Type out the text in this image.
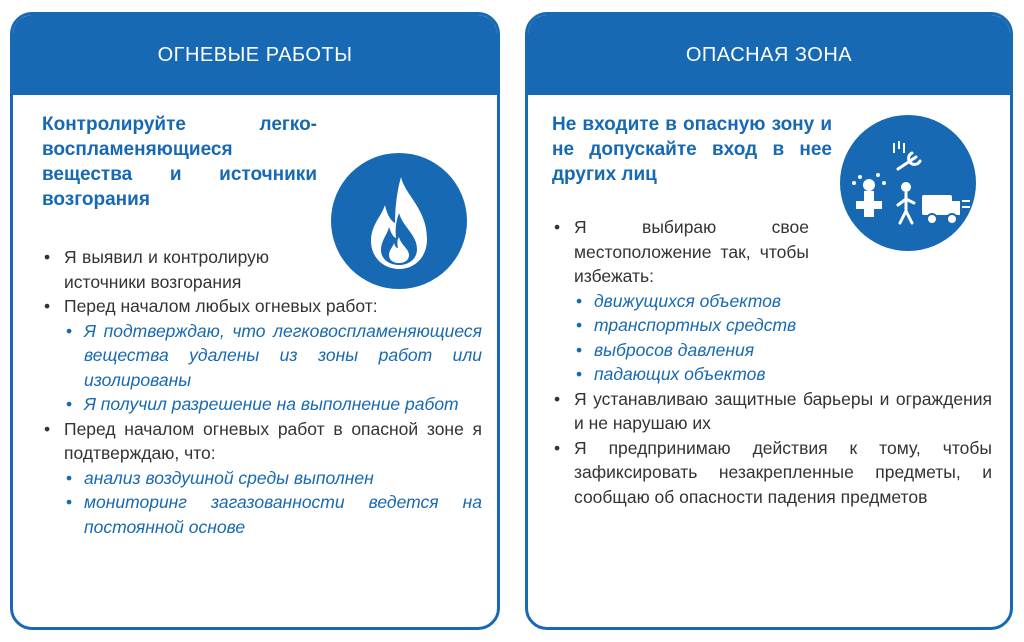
ОГНЕВЫЕ РАБОТЫ
Контролируйте легко-воспламеняющиеся вещества и источники возгорания
• Я выявил и контролирую источники возгорания
• Перед началом любых огневых работ:
• Я подтверждаю, что легковоспламеняющиеся вещества удалены из зоны работ или изолированы
• Я получил разрешение на выполнение работ
• Перед началом огневых работ в опасной зоне я подтверждаю, что:
• анализ воздушной среды выполнен
• мониторинг загазованности ведется на постоянной основе
ОПАСНАЯ ЗОНА
Не входите в опасную зону и не допускайте вход в нее других лиц
• Я выбираю свое местоположение так, чтобы избежать:
• движущихся объектов
• транспортных средств
• выбросов давления
• падающих объектов
• Я устанавливаю защитные барьеры и ограждения и не нарушаю их
• Я предпринимаю действия к тому, чтобы зафиксировать незакрепленные предметы, и сообщаю об опасности падения предметов
